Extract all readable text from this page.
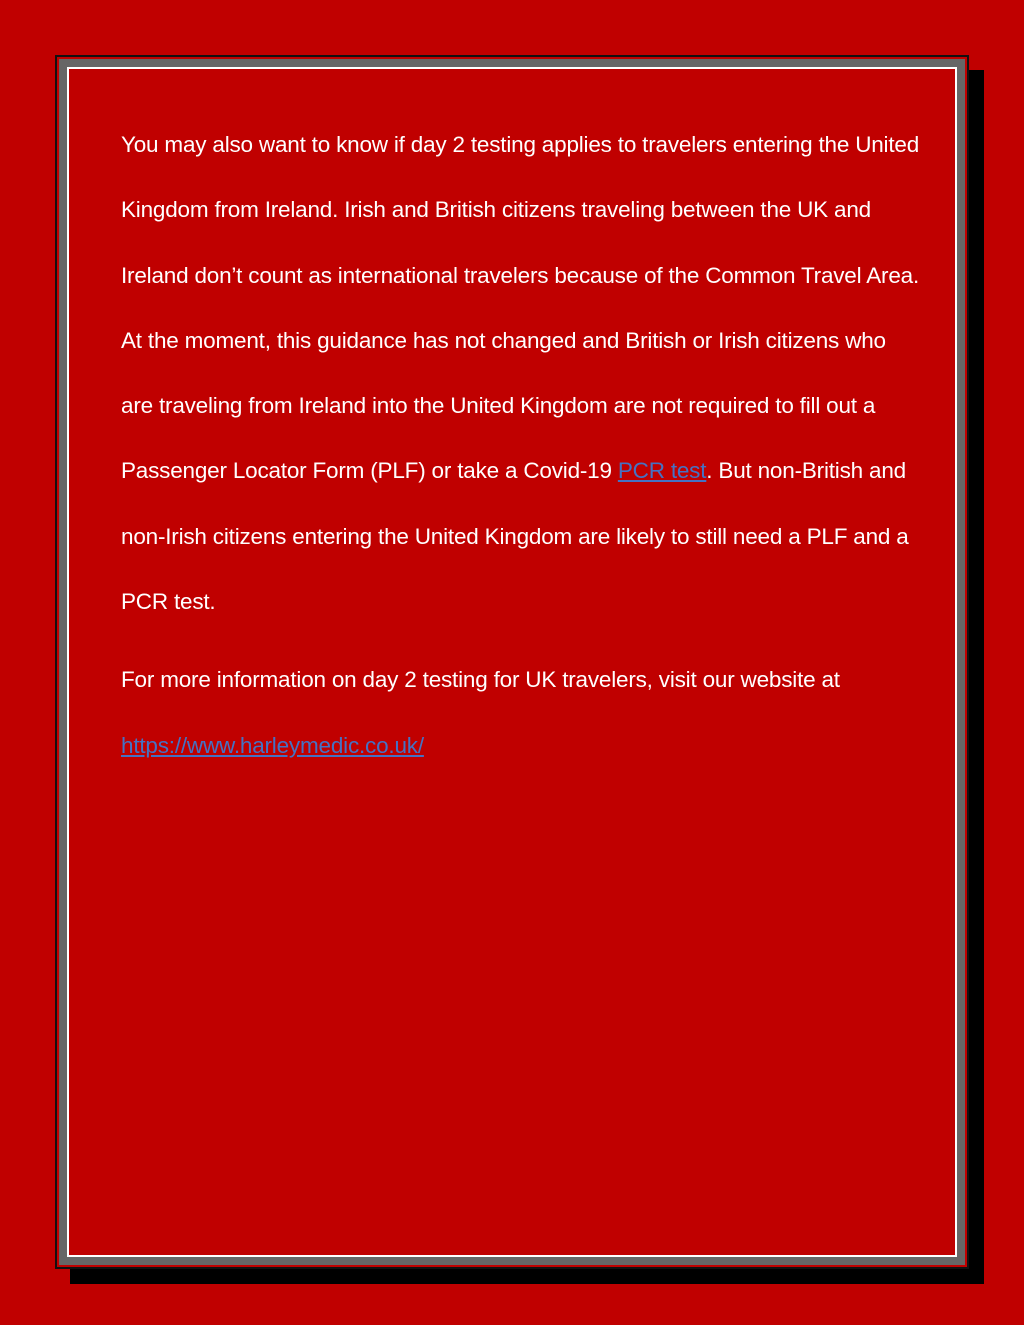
You may also want to know if day 2 testing applies to travelers entering the United Kingdom from Ireland. Irish and British citizens traveling between the UK and Ireland don’t count as international travelers because of the Common Travel Area. At the moment, this guidance has not changed and British or Irish citizens who are traveling from Ireland into the United Kingdom are not required to fill out a Passenger Locator Form (PLF) or take a Covid-19 PCR test. But non-British and non-Irish citizens entering the United Kingdom are likely to still need a PLF and a PCR test.

For more information on day 2 testing for UK travelers, visit our website at https://www.harleymedic.co.uk/
